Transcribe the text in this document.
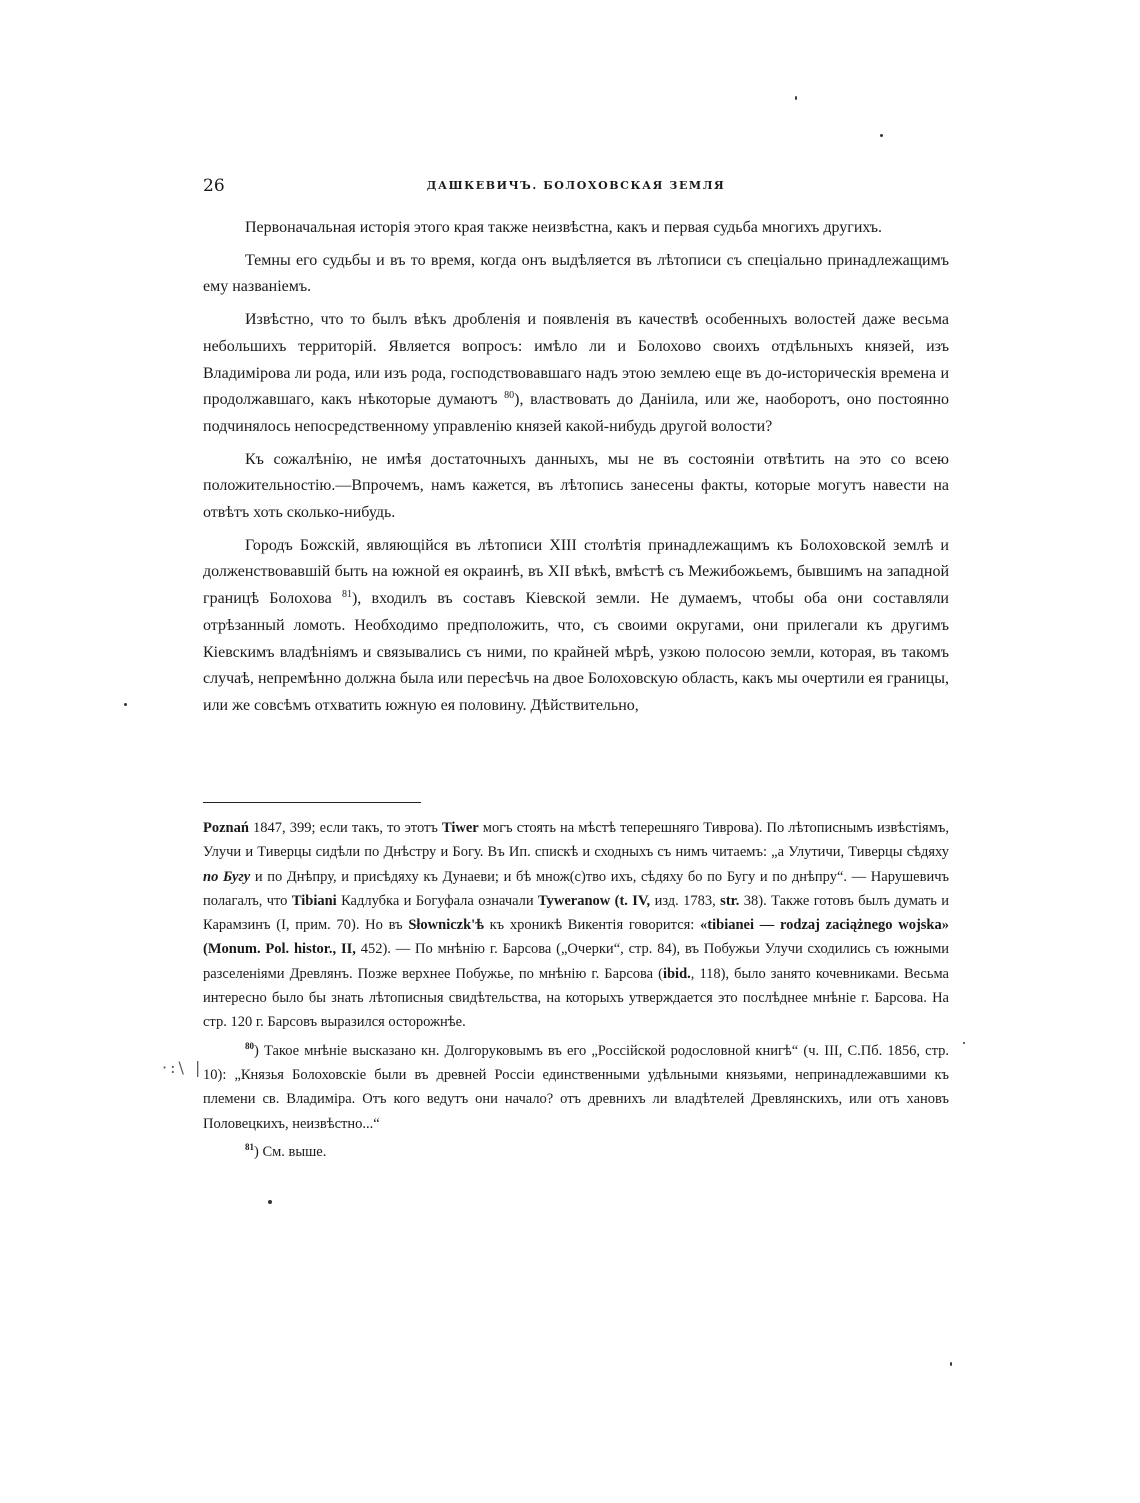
26	ДАШКЕВИЧЪ. БОЛОХОВСКАЯ ЗЕМЛЯ

Первоначальная исторія этого края также неизвѣстна, какъ и первая судьба многихъ другихъ.

Темны его судьбы и въ то время, когда онъ выдѣляется въ лѣтописи съ спеціально принадлежащимъ ему названіемъ.

Извѣстно, что то былъ вѣкъ дробленія и появленія въ качествѣ особенныхъ волостей даже весьма небольшихъ территорій. Является вопросъ: имѣло ли и Болохово своихъ отдѣльныхъ князей, изъ Владимірова ли рода, или изъ рода, господствовавшаго надъ этою землею еще въ до-историческія времена и продолжавшаго, какъ нѣкоторые думаютъ $^{80}$), властвовать до Даніила, или же, наоборотъ, оно постоянно подчинялось непосредственному управленію князей какой-нибудь другой волости?

Къ сожалѣнію, не имѣя достаточныхъ данныхъ, мы не въ состояніи отвѣтить на это со всею положительностію.—Впрочемъ, намъ кажется, въ лѣтопись занесены факты, которые могутъ навести на отвѣтъ хоть сколько-нибудь.

Городъ Божскій, являющійся въ лѣтописи XIII столѣтія принадлежащимъ къ Болоховской землѣ и долженствовавшій быть на южной ея окраинѣ, въ XII вѣкѣ, вмѣстѣ съ Межибожьемъ, бывшимъ на западной границѣ Болохова $^{81}$), входилъ въ составъ Кіевской земли. Не думаемъ, чтобы оба они составляли отрѣзанный ломоть. Необходимо предположить, что, съ своими округами, они прилегали къ другимъ Кіевскимъ владѣніямъ и связывались съ ними, по крайней мѣрѣ, узкою полосою земли, которая, въ такомъ случаѣ, непремѣнно должна была или пересѣчь на двое Болоховскую область, какъ мы очертили ея границы, или же совсѣмъ отхватить южную ея половину. Дѣйствительно,

Poznań 1847, 399; если такъ, то этотъ Tiwer могъ стоять на мѣстѣ теперешняго Тиврова). По лѣтописнымъ извѣстіямъ, Улучи и Тиверцы сидѣли по Днѣстру и Богу. Въ Ип. спискѣ и сходныхъ съ нимъ читаемъ: „а Улутичи, Тиверцы сѣдяху по Бугу и по Днѣпру, и присѣдяху къ Дунаеви; и бѣ множ(с)тво ихъ, сѣдяху бо по Бугу и по днѣпру“. — Нарушевичъ полагалъ, что Tibiani Кадлубка и Богуфала означали Tyweranow (t. IV, изд. 1783, str. 38). Также готовъ былъ думать и Карамзинъ (I, прим. 70). Но въ Słowniczk'ѣ къ хроникѣ Викентія говорится: «tibianei — rodzaj zaciążnego wojska» (Monum. Pol. histor., II, 452). — По мнѣнію г. Барсова („Очерки“, стр. 84), въ Побужьи Улучи сходились съ южными разселеніями Древлянъ. Позже верхнее Побужье, по мнѣнію г. Барсова (ibid., 118), было занято кочевниками. Весьма интересно было бы знать лѣтописныя свидѣтельства, на которыхъ утверждается это послѣднее мнѣніе г. Барсова. На стр. 120 г. Барсовъ выразился осторожнѣе.

$^{80}$) Такое мнѣніе высказано кн. Долгоруковымъ въ его „Россійской родословной книгѣ“ (ч. III, С.Пб. 1856, стр. 10): „Князья Болоховскіе были въ древней Россіи единственными удѣльными князьями, непринадлежавшими къ племени св. Владиміра. Отъ кого ведутъ они начало? отъ древнихъ ли владѣтелей Древлянскихъ, или отъ хановъ Половецкихъ, неизвѣстно...“

$^{81}$) См. выше.

·:\ |
